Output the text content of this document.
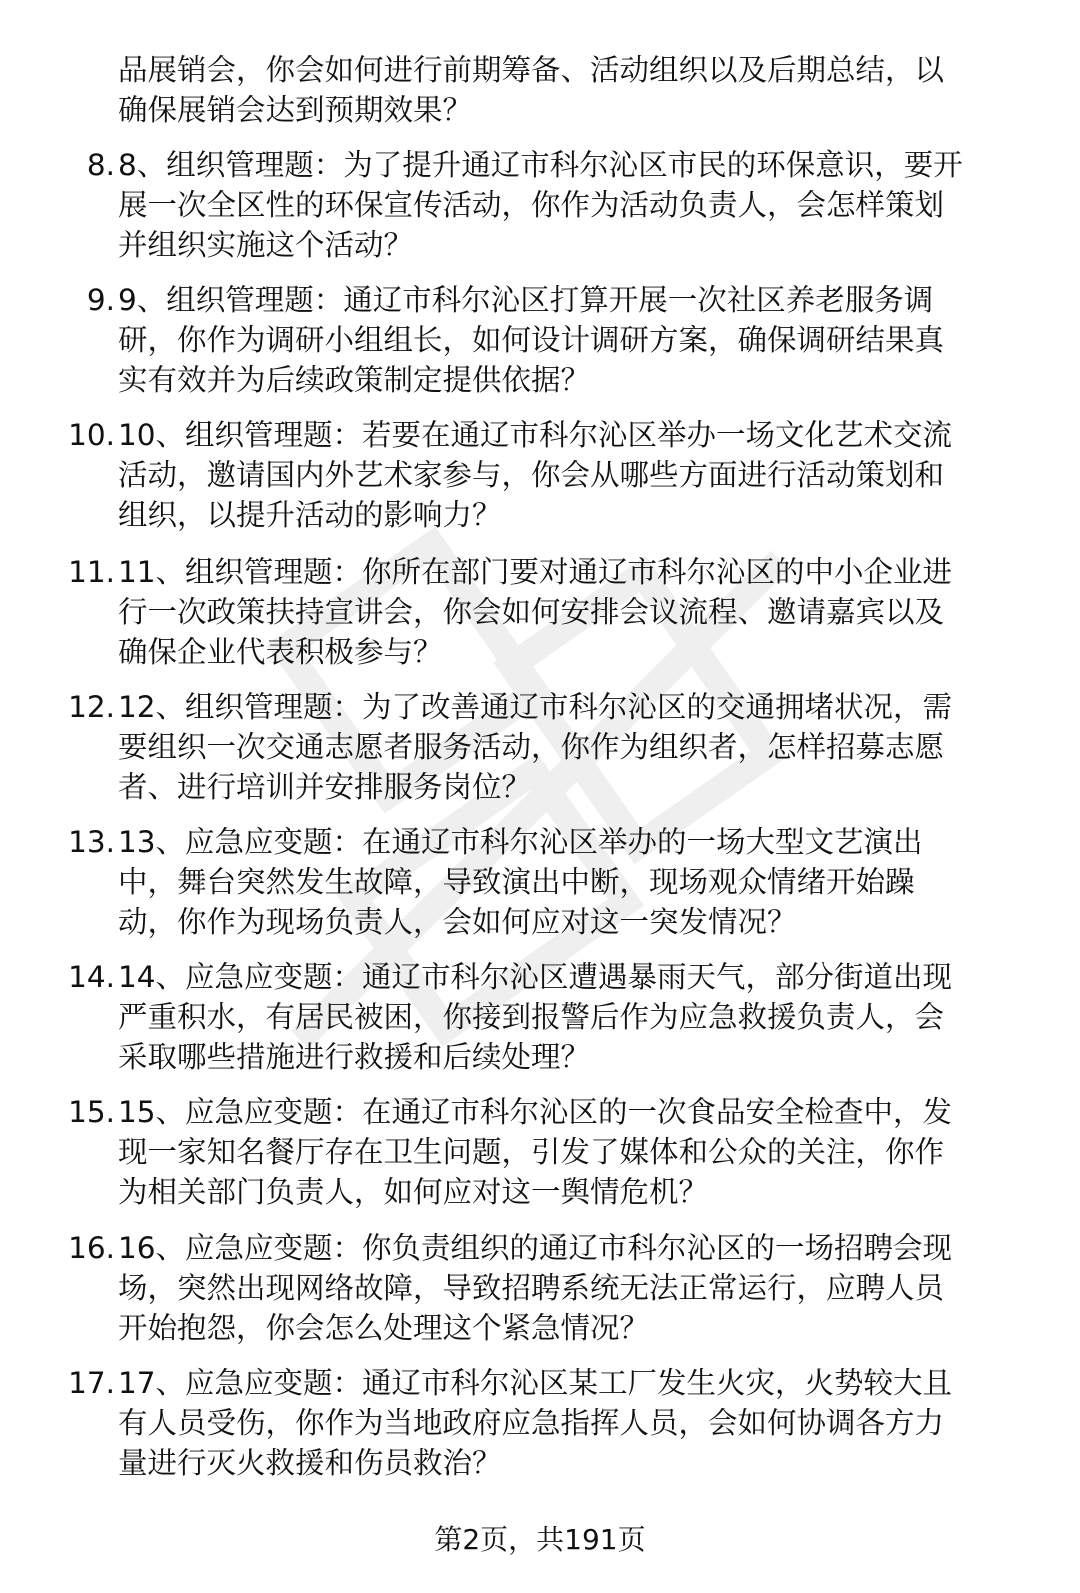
品展销会，你会如何进行前期筹备、活动组织以及后期总结，以
确保展销会达到预期效果？
8. 8、组织管理题：为了提升通辽市科尔沁区市民的环保意识，要开
展一次全区性的环保宣传活动，你作为活动负责人，会怎样策划
并组织实施这个活动？
9. 9、组织管理题：通辽市科尔沁区打算开展一次社区养老服务调
研，你作为调研小组组长，如何设计调研方案，确保调研结果真
实有效并为后续政策制定提供依据？
10. 10、组织管理题：若要在通辽市科尔沁区举办一场文化艺术交流
活动，邀请国内外艺术家参与，你会从哪些方面进行活动策划和
组织，以提升活动的影响力？
11. 11、组织管理题：你所在部门要对通辽市科尔沁区的中小企业进
行一次政策扶持宣讲会，你会如何安排会议流程、邀请嘉宾以及
确保企业代表积极参与？
12. 12、组织管理题：为了改善通辽市科尔沁区的交通拥堵状况，需
要组织一次交通志愿者服务活动，你作为组织者，怎样招募志愿
者、进行培训并安排服务岗位？
13. 13、应急应变题：在通辽市科尔沁区举办的一场大型文艺演出
中，舞台突然发生故障，导致演出中断，现场观众情绪开始躁
动，你作为现场负责人，会如何应对这一突发情况？
14. 14、应急应变题：通辽市科尔沁区遭遇暴雨天气，部分街道出现
严重积水，有居民被困，你接到报警后作为应急救援负责人，会
采取哪些措施进行救援和后续处理？
15. 15、应急应变题：在通辽市科尔沁区的一次食品安全检查中，发
现一家知名餐厅存在卫生问题，引发了媒体和公众的关注，你作
为相关部门负责人，如何应对这一舆情危机？
16. 16、应急应变题：你负责组织的通辽市科尔沁区的一场招聘会现
场，突然出现网络故障，导致招聘系统无法正常运行，应聘人员
开始抱怨，你会怎么处理这个紧急情况？
17. 17、应急应变题：通辽市科尔沁区某工厂发生火灾，火势较大且
有人员受伤，你作为当地政府应急指挥人员，会如何协调各方力
量进行灭火救援和伤员救治？
第2页，共191页
